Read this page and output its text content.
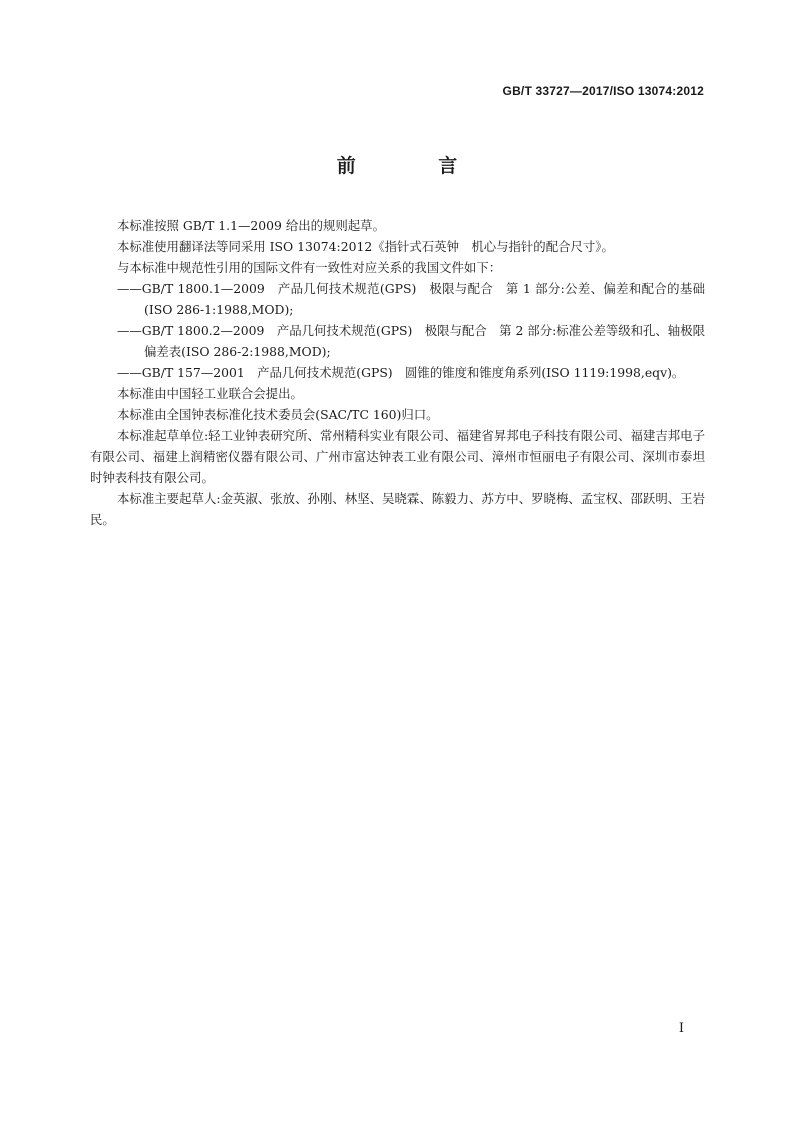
GB/T 33727—2017/ISO 13074:2012
前 言

本标准按照 GB/T 1.1—2009 给出的规则起草。

本标准使用翻译法等同采用 ISO 13074:2012《指针式石英钟　机心与指针的配合尺寸》。

与本标准中规范性引用的国际文件有一致性对应关系的我国文件如下：

——GB/T 1800.1—2009　产品几何技术规范(GPS)　极限与配合　第 1 部分:公差、偏差和配合的基础(ISO 286-1:1988,MOD);

——GB/T 1800.2—2009　产品几何技术规范(GPS)　极限与配合　第 2 部分:标准公差等级和孔、轴极限偏差表(ISO 286-2:1988,MOD);

——GB/T 157—2001　产品几何技术规范(GPS)　圆锥的锥度和锥度角系列(ISO 1119:1998,eqv)。

本标准由中国轻工业联合会提出。

本标准由全国钟表标准化技术委员会(SAC/TC 160)归口。

本标准起草单位:轻工业钟表研究所、常州精科实业有限公司、福建省昇邦电子科技有限公司、福建吉邦电子有限公司、福建上润精密仪器有限公司、广州市富达钟表工业有限公司、漳州市恒丽电子有限公司、深圳市泰坦时钟表科技有限公司。

本标准主要起草人:金英淑、张放、孙刚、林坚、吴晓霖、陈毅力、苏方中、罗晓梅、孟宝权、邵跃明、王岩民。

I
